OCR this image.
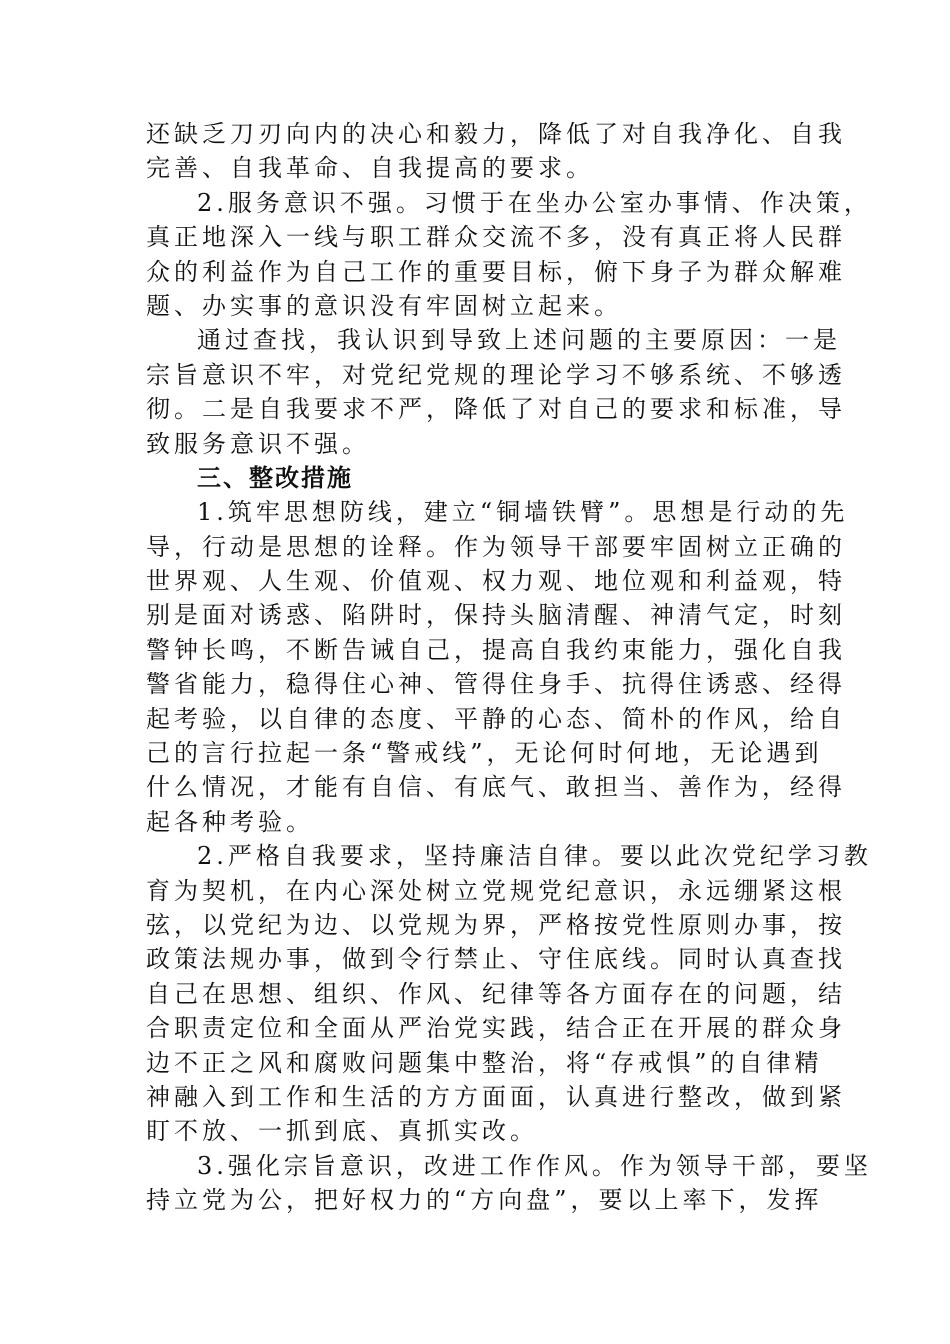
还缺乏刀刃向内的决心和毅力，降低了对自我净化、自我
完善、自我革命、自我提高的要求。
2.服务意识不强。习惯于在坐办公室办事情、作决策，
真正地深入一线与职工群众交流不多，没有真正将人民群
众的利益作为自己工作的重要目标，俯下身子为群众解难
题、办实事的意识没有牢固树立起来。
通过查找，我认识到导致上述问题的主要原因：一是
宗旨意识不牢，对党纪党规的理论学习不够系统、不够透
彻。二是自我要求不严，降低了对自己的要求和标准，导
致服务意识不强。
三、整改措施
1.筑牢思想防线，建立“铜墙铁臂”。思想是行动的先
导，行动是思想的诠释。作为领导干部要牢固树立正确的
世界观、人生观、价值观、权力观、地位观和利益观，特
别是面对诱惑、陷阱时，保持头脑清醒、神清气定，时刻
警钟长鸣，不断告诫自己，提高自我约束能力，强化自我
警省能力，稳得住心神、管得住身手、抗得住诱惑、经得
起考验，以自律的态度、平静的心态、简朴的作风，给自
己的言行拉起一条“警戒线”，无论何时何地，无论遇到
什么情况，才能有自信、有底气、敢担当、善作为，经得
起各种考验。
2.严格自我要求，坚持廉洁自律。要以此次党纪学习教
育为契机，在内心深处树立党规党纪意识，永远绷紧这根
弦，以党纪为边、以党规为界，严格按党性原则办事，按
政策法规办事，做到令行禁止、守住底线。同时认真查找
自己在思想、组织、作风、纪律等各方面存在的问题，结
合职责定位和全面从严治党实践，结合正在开展的群众身
边不正之风和腐败问题集中整治，将“存戒惧”的自律精
神融入到工作和生活的方方面面，认真进行整改，做到紧
盯不放、一抓到底、真抓实改。
3.强化宗旨意识，改进工作作风。作为领导干部，要坚
持立党为公，把好权力的“方向盘”，要以上率下，发挥
